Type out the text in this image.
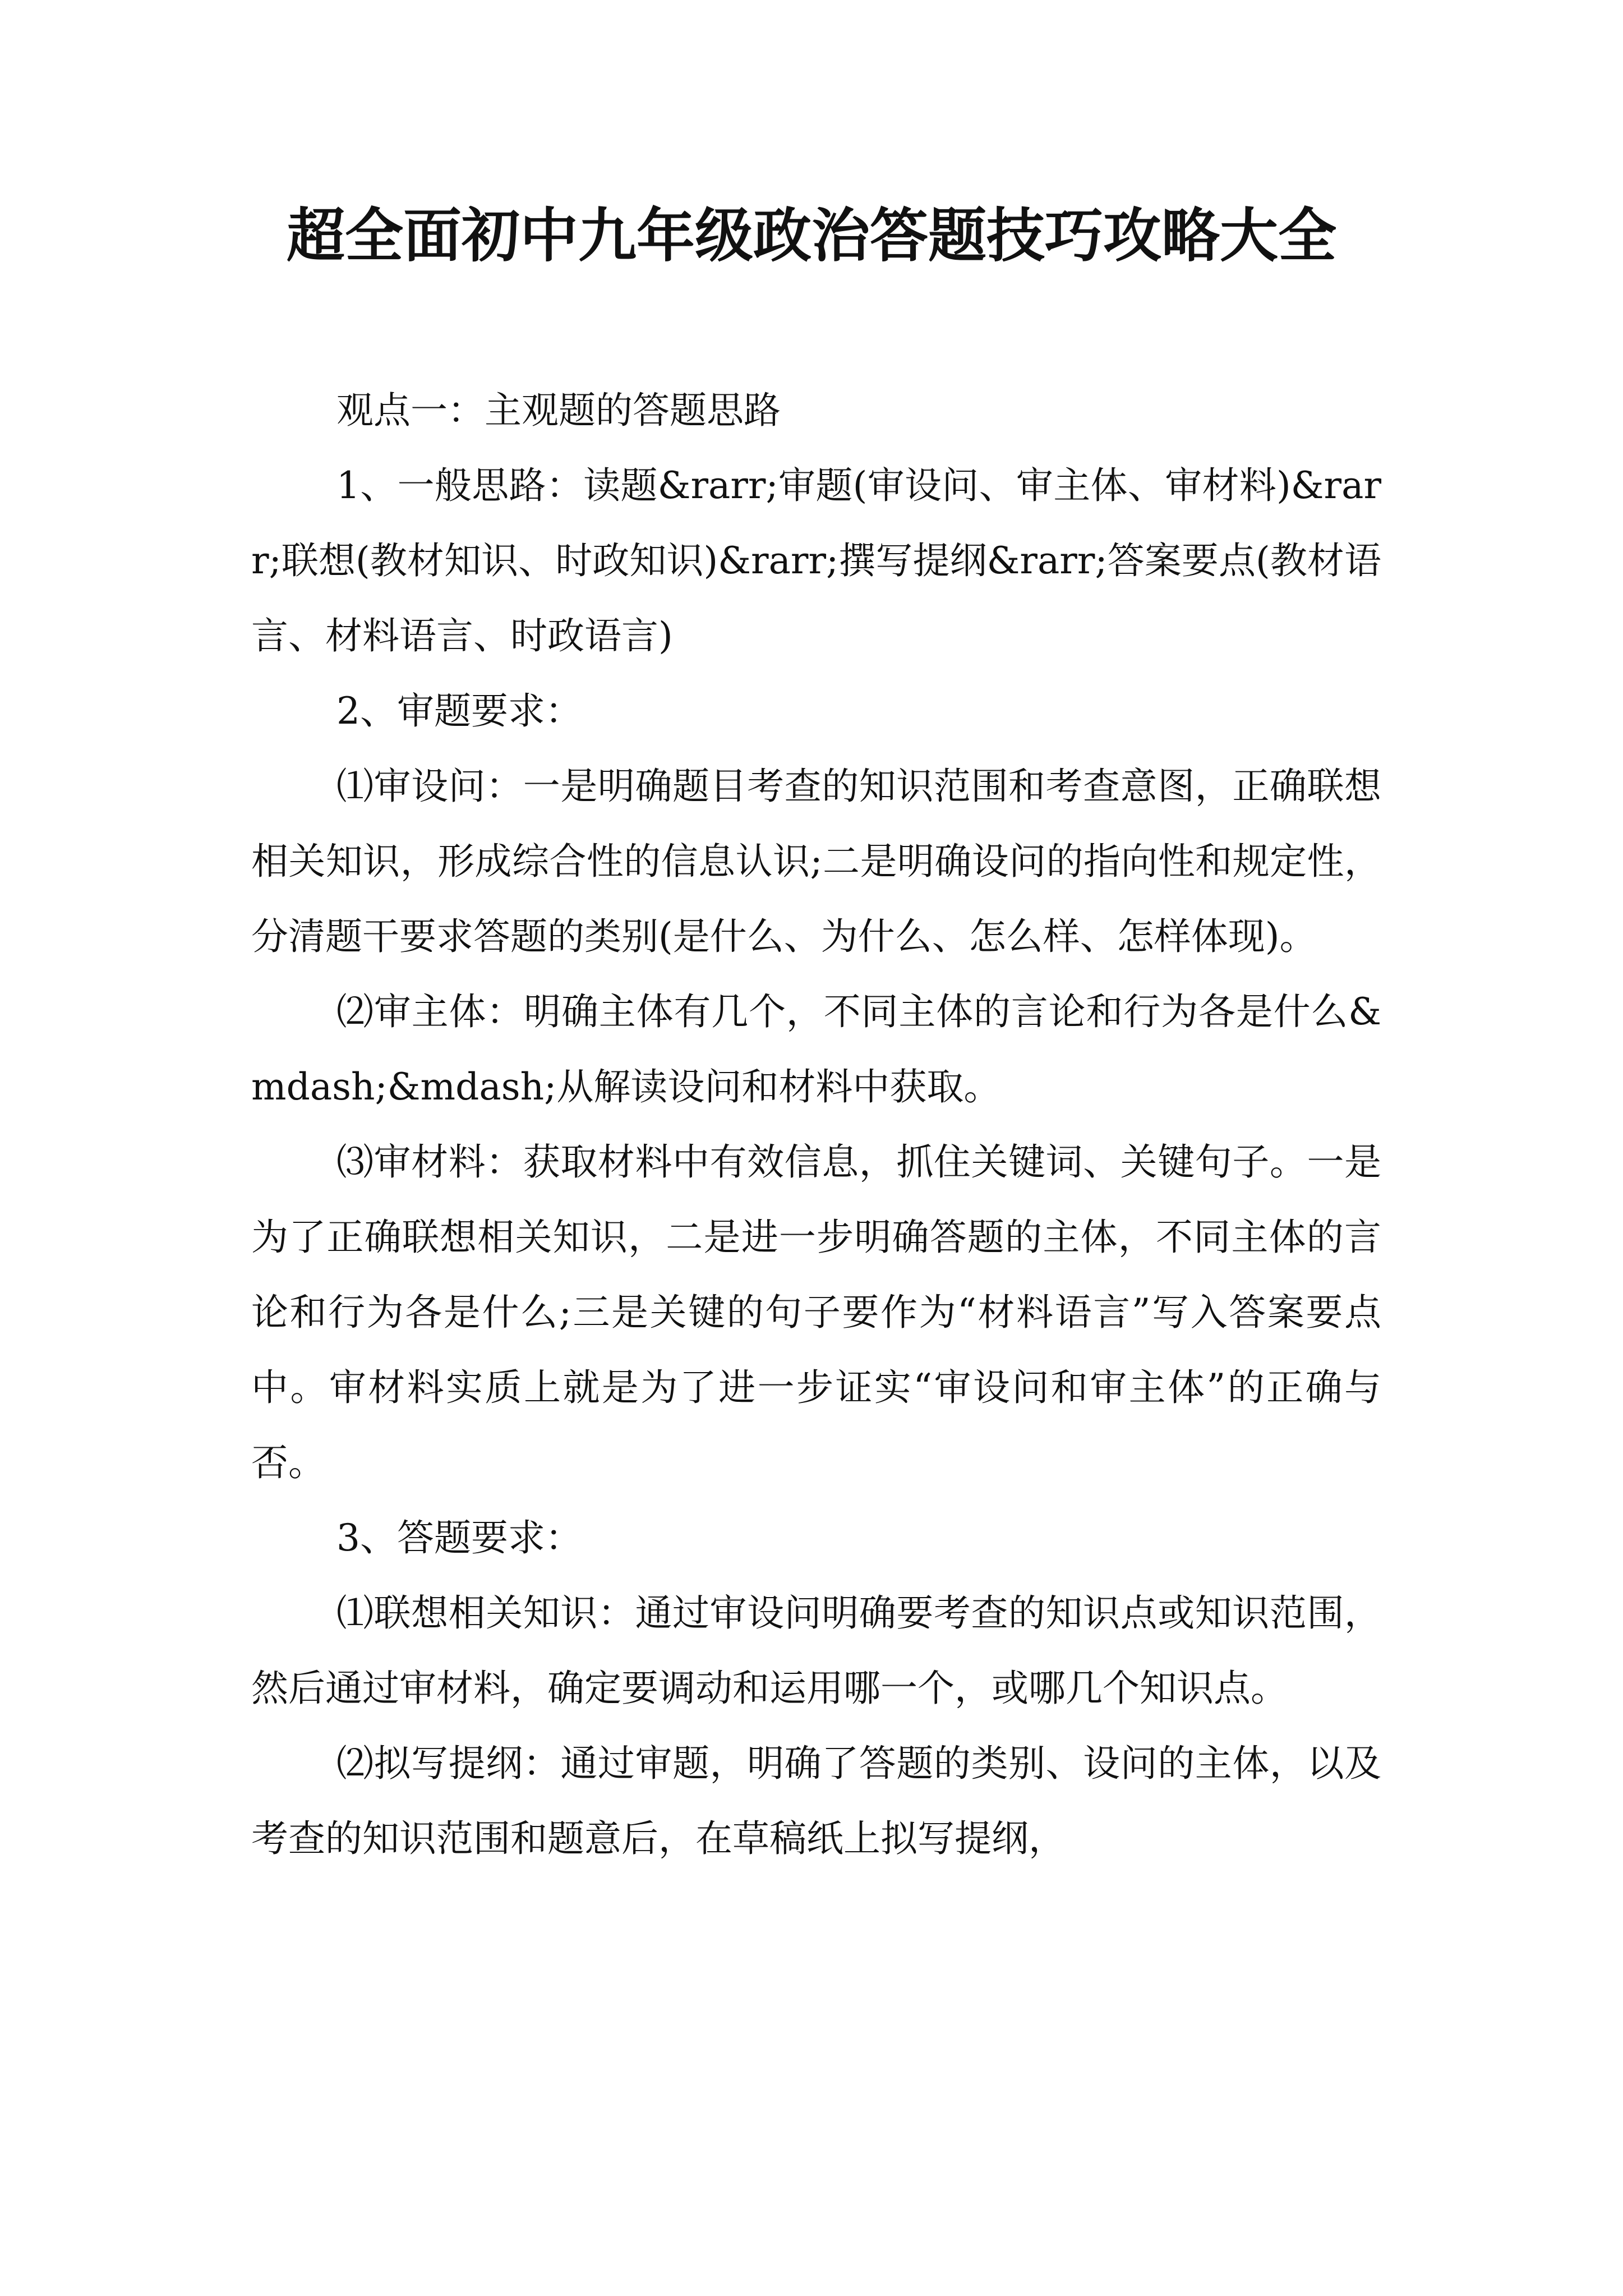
超全面初中九年级政治答题技巧攻略大全

观点一：主观题的答题思路

1、一般思路：读题&rarr;审题(审设问、审主体、审材料)&rarr;联想(教材知识、时政知识)&rarr;撰写提纲&rarr;答案要点(教材语言、材料语言、时政语言)

2、审题要求：

⑴审设问：一是明确题目考查的知识范围和考查意图，正确联想相关知识，形成综合性的信息认识;二是明确设问的指向性和规定性，分清题干要求答题的类别(是什么、为什么、怎么样、怎样体现)。

⑵审主体：明确主体有几个，不同主体的言论和行为各是什么&mdash;&mdash;从解读设问和材料中获取。

⑶审材料：获取材料中有效信息，抓住关键词、关键句子。一是为了正确联想相关知识，二是进一步明确答题的主体，不同主体的言论和行为各是什么;三是关键的句子要作为“材料语言”写入答案要点中。审材料实质上就是为了进一步证实“审设问和审主体”的正确与否。

3、答题要求：

⑴联想相关知识：通过审设问明确要考查的知识点或知识范围，然后通过审材料，确定要调动和运用哪一个，或哪几个知识点。

⑵拟写提纲：通过审题，明确了答题的类别、设问的主体，以及考查的知识范围和题意后，在草稿纸上拟写提纲，
